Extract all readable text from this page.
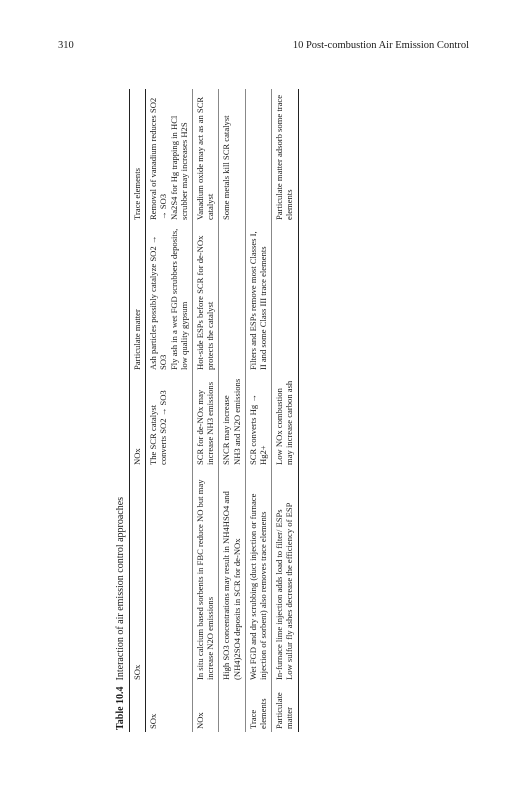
310	10 Post-combustion Air Emission Control
Table 10.4Interaction of air emission control approaches
	SOx	NOx	Particulate matter	Trace elements
SOx		The SCR catalyst converts SO2 → SO3	Ash particles possibly catalyze SO2 → SO3 Fly ash in a wet FGD scrubbers deposits, low quality gypsum	Removal of vanadium reduces SO2 → SO3 Na2S4 for Hg trapping in HCl scrubber may increases H2S

NOx	In situ calcium based sorbents in FBC reduce NO but may increase N2O emissions	SCR for de-NOx may increase NH3 emissions	Hot-side ESPs before SCR for de-NOx protects the catalyst	Vanadium oxide may act as an SCR catalyst
	High SO3 concentrations may result in NH4HSO4 and (NH4)2SO4 deposits in SCR for de-NOx	SNCR may increase NH3 and N2O emissions		Some metals kill SCR catalyst
Trace elements	Wet FGD and dry scrubbing (duct injection or furnace injection of sorbent) also removes trace elements	SCR converts Hg → Hg2+	Filters and ESPs remove most Classes I, II and some Class III trace elements	
Particulate matter	In-furnace lime injection adds load to filter/ ESPs Low sulfur fly ashes decrease the efficiency of ESP	Low NOx combustion may increase carbon ash		Particulate matter adsorb some trace elements
